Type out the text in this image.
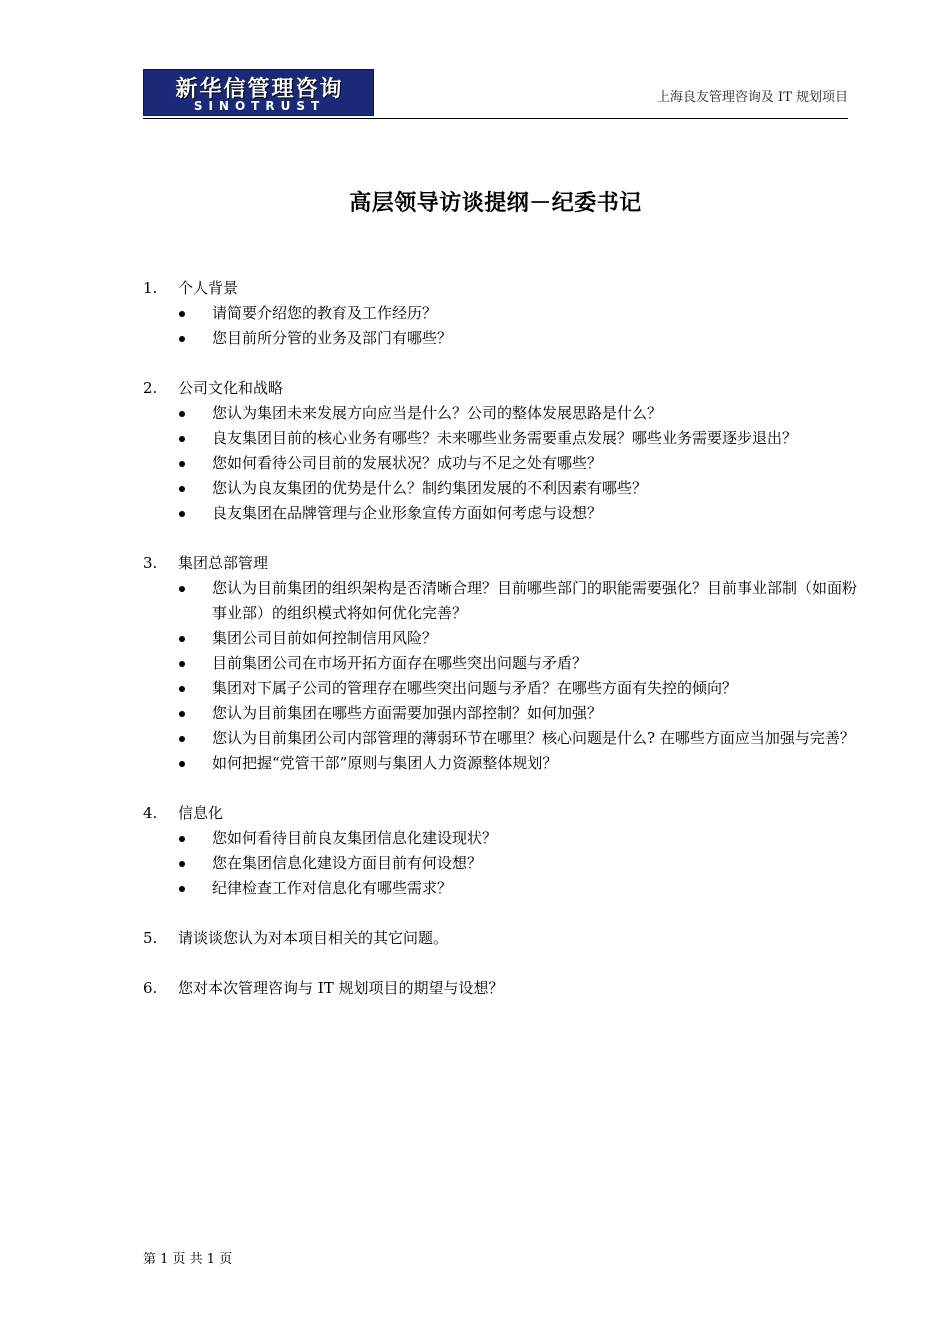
新华信管理咨询
SINOTRUST
上海良友管理咨询及 IT 规划项目
高层领导访谈提纲－纪委书记
1. 个人背景
请简要介绍您的教育及工作经历？
您目前所分管的业务及部门有哪些？
2. 公司文化和战略
您认为集团未来发展方向应当是什么？公司的整体发展思路是什么？
良友集团目前的核心业务有哪些？未来哪些业务需要重点发展？哪些业务需要逐步退出？
您如何看待公司目前的发展状况？成功与不足之处有哪些？
您认为良友集团的优势是什么？制约集团发展的不利因素有哪些？
良友集团在品牌管理与企业形象宣传方面如何考虑与设想？
3. 集团总部管理
您认为目前集团的组织架构是否清晰合理？目前哪些部门的职能需要强化？目前事业部制（如面粉事业部）的组织模式将如何优化完善？
集团公司目前如何控制信用风险？
目前集团公司在市场开拓方面存在哪些突出问题与矛盾？
集团对下属子公司的管理存在哪些突出问题与矛盾？在哪些方面有失控的倾向？
您认为目前集团在哪些方面需要加强内部控制？如何加强？
您认为目前集团公司内部管理的薄弱环节在哪里？核心问题是什么? 在哪些方面应当加强与完善？
如何把握“党管干部”原则与集团人力资源整体规划？
4. 信息化
您如何看待目前良友集团信息化建设现状？
您在集团信息化建设方面目前有何设想？
纪律检查工作对信息化有哪些需求？
5. 请谈谈您认为对本项目相关的其它问题。
6. 您对本次管理咨询与 IT 规划项目的期望与设想？
第 1 页 共 1 页
